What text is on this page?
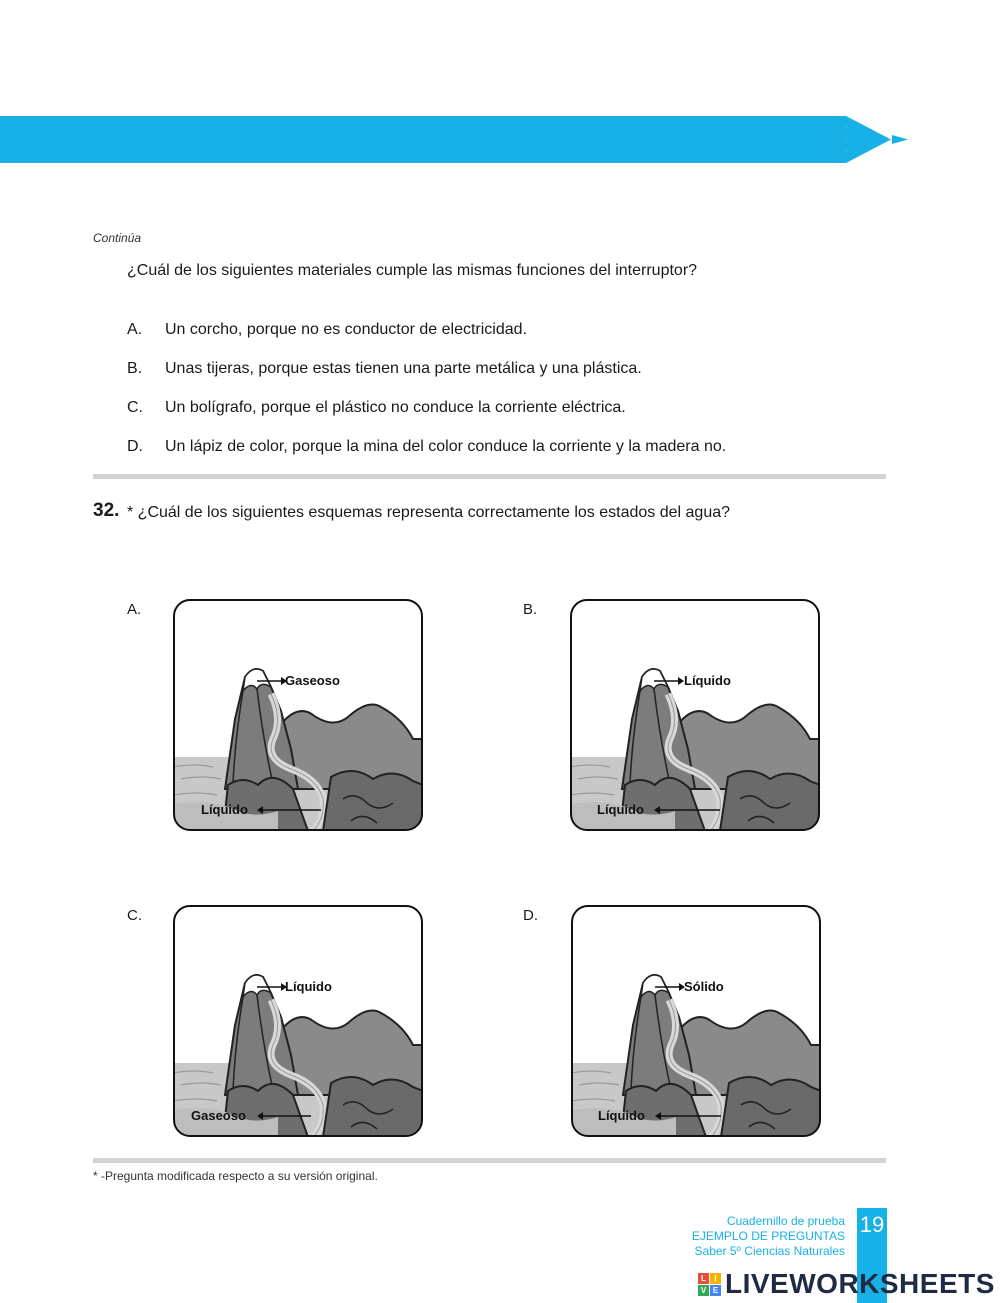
Continúa
¿Cuál de los siguientes materiales cumple las mismas funciones del interruptor?
A. Un corcho, porque no es conductor de electricidad.
B. Unas tijeras, porque estas tienen una parte metálica y una plástica.
C. Un bolígrafo, porque el plástico no conduce la corriente eléctrica.
D. Un lápiz de color, porque la mina del color conduce la corriente y la madera no.
32. * ¿Cuál de los siguientes esquemas representa correctamente los estados del agua?
A.
Gaseoso
Líquido
B.
Líquido
Líquido
C.
Líquido
Gaseoso
D.
Sólido
Líquido
* -Pregunta modificada respecto a su versión original.
Cuadernillo de prueba
EJEMPLO DE PREGUNTAS
Saber 5º Ciencias Naturales
19
L	I
V E LIVEWORKSHEETS
